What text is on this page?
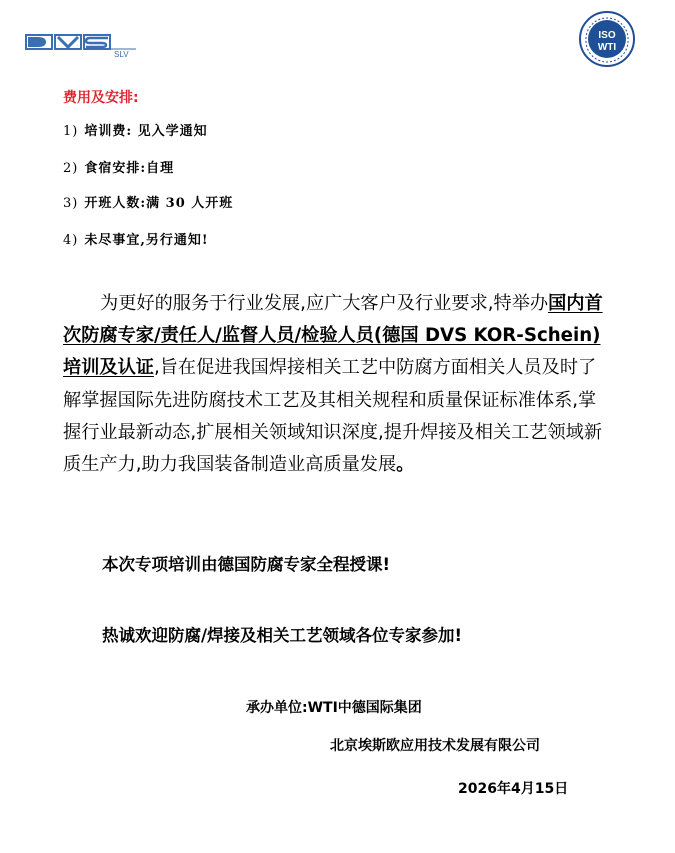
SLV
ISO
WTI
费用及安排:
1) 培训费: 见入学通知
2) 食宿安排:自理
3) 开班人数:满 30 人开班
4) 未尽事宜,另行通知!

为更好的服务于行业发展,应广大客户及行业要求,特举办国内首次防腐专家/责任人/监督人员/检验人员(德国 DVS KOR-Schein)培训及认证,旨在促进我国焊接相关工艺中防腐方面相关人员及时了解掌握国际先进防腐技术工艺及其相关规程和质量保证标准体系,掌握行业最新动态,扩展相关领域知识深度,提升焊接及相关工艺领域新质生产力,助力我国装备制造业高质量发展。

本次专项培训由德国防腐专家全程授课!
热诚欢迎防腐/焊接及相关工艺领域各位专家参加!
承办单位:WTI中德国际集团
北京埃斯欧应用技术发展有限公司
2026年4月15日
